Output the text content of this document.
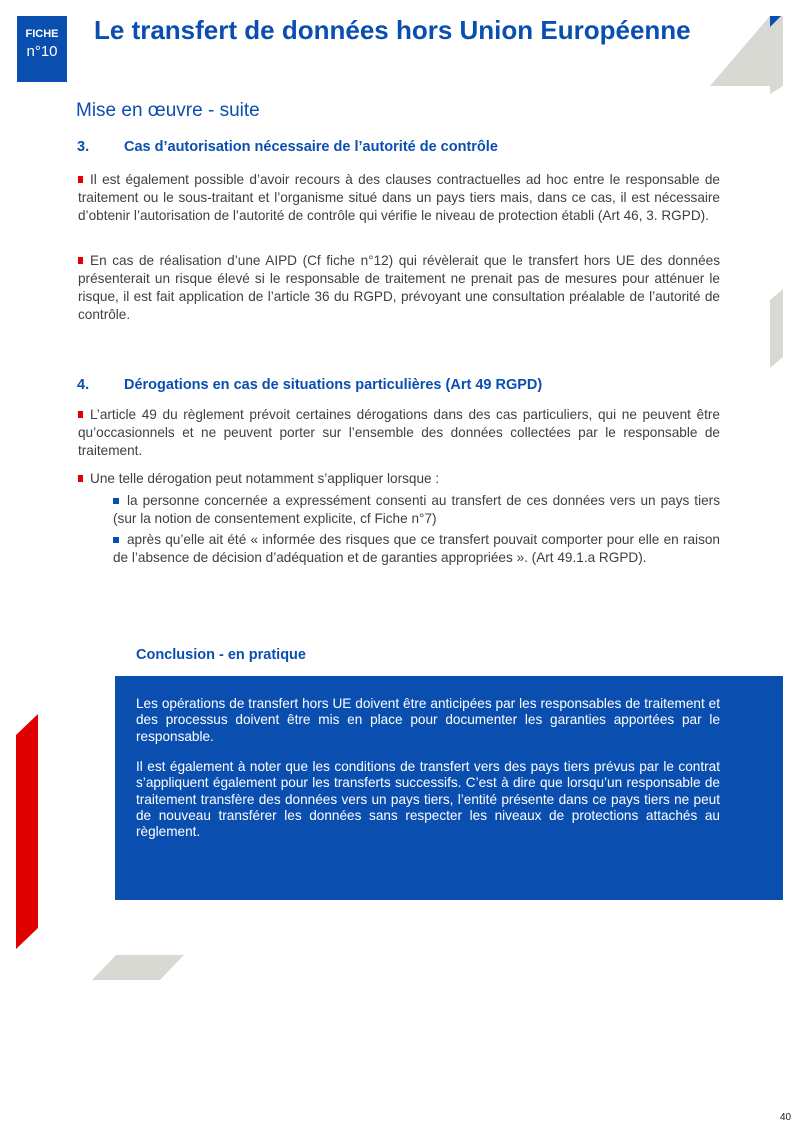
FICHE
n°10
Le transfert de données hors Union Européenne
Mise en œuvre - suite
3. Cas d’autorisation nécessaire de l’autorité de contrôle
Il est également possible d’avoir recours à des clauses contractuelles ad hoc entre le responsable de traitement ou le sous-traitant et l’organisme situé dans un pays tiers mais, dans ce cas, il est nécessaire d’obtenir l’autorisation de l’autorité de contrôle qui vérifie le niveau de protection établi (Art 46, 3. RGPD).
En cas de réalisation d’une AIPD (Cf fiche n°12) qui révèlerait que le transfert hors UE des données présenterait un risque élevé si le responsable de traitement ne prenait pas de mesures pour atténuer le risque, il est fait application de l’article 36 du RGPD, prévoyant une consultation préalable de l’autorité de contrôle.
4. Dérogations en cas de situations particulières (Art 49 RGPD)
L’article 49 du règlement prévoit certaines dérogations dans des cas particuliers, qui ne peuvent être qu’occasionnels et ne peuvent porter sur l’ensemble des données collectées par le responsable de traitement.
Une telle dérogation peut notamment s’appliquer lorsque :
la personne concernée a expressément consenti au transfert de ces données vers un pays tiers (sur la notion de consentement explicite, cf Fiche n°7)
après qu’elle ait été « informée des risques que ce transfert pouvait comporter pour elle en raison de l’absence de décision d’adéquation et de garanties appropriées ». (Art 49.1.a RGPD).
Conclusion - en pratique
Les opérations de transfert hors UE doivent être anticipées par les responsables de traitement et des processus doivent être mis en place pour documenter les garanties apportées par le responsable.
Il est également à noter que les conditions de transfert vers des pays tiers prévus par le contrat s’appliquent également pour les transferts successifs. C’est à dire que lorsqu’un responsable de traitement transfère des données vers un pays tiers, l’entité présente dans ce pays tiers ne peut de nouveau transférer les données sans respecter les niveaux de protections attachés au règlement.
40
